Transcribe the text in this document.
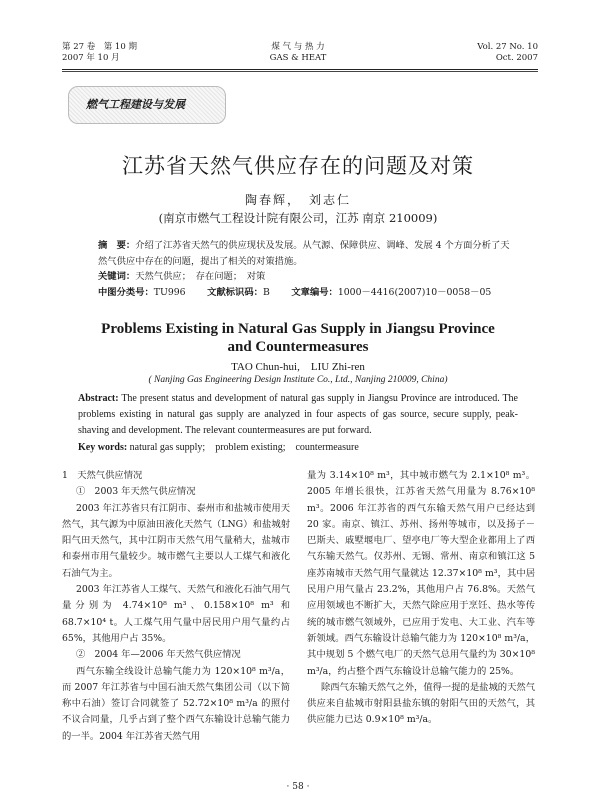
第 27 卷　第 10 期
2007 年 10 月
煤 气 与 热 力
GAS & HEAT
Vol. 27 No. 10
Oct. 2007
燃气工程建设与发展
江苏省天然气供应存在的问题及对策
陶春辉，　刘志仁
(南京市燃气工程设计院有限公司，江苏 南京 210009)
摘　要：介绍了江苏省天然气的供应现状及发展。从气源、保障供应、调峰、发展 4 个方面分析了天然气供应中存在的问题，提出了相关的对策措施。
关键词：天然气供应；　存在问题；　对策
中图分类号：TU996 　　 文献标识码：B 　　 文章编号：1000－4416(2007)10－0058－05
Problems Existing in Natural Gas Supply in Jiangsu Province
and Countermeasures
TAO Chun-hui,　LIU Zhi-ren
( Nanjing Gas Engineering Design Institute Co., Ltd., Nanjing 210009, China)
Abstract: The present status and development of natural gas supply in Jiangsu Province are introduced. The problems existing in natural gas supply are analyzed in four aspects of gas source, secure supply, peak-shaving and development. The relevant countermeasures are put forward.
Key words: natural gas supply;　problem existing;　countermeasure

1　天然气供应情况

①　2003 年天然气供应情况

2003 年江苏省只有江阴市、泰州市和盐城市使用天然气，其气源为中原油田液化天然气（LNG）和盐城射阳气田天然气，其中江阴市天然气用气量稍大，盐城市和泰州市用气量较少。城市燃气主要以人工煤气和液化石油气为主。

2003 年江苏省人工煤气、天然气和液化石油气用气量分别为 4.74×10⁸ m³、0.158×10⁸ m³ 和 68.7×10⁴ t。人工煤气用气量中居民用户用气量约占 65%，其他用户占 35%。

②　2004 年—2006 年天然气供应情况

西气东输全线设计总输气能力为 120×10⁸ m³/a，而 2007 年江苏省与中国石油天然气集团公司（以下简称中石油）签订合同就签了 52.72×10⁸ m³/a 的照付不议合同量，几乎占到了整个西气东输设计总输气能力的一半。2004 年江苏省天然气用

量为 3.14×10⁸ m³，其中城市燃气为 2.1×10⁸ m³。2005 年增长很快，江苏省天然气用量为 8.76×10⁸ m³。2006 年江苏省的西气东输天然气用户已经达到 20 家。南京、镇江、苏州、扬州等城市，以及扬子－巴斯夫、戚墅堰电厂、望亭电厂等大型企业都用上了西气东输天然气。仅苏州、无锡、常州、南京和镇江这 5 座苏南城市天然气用气量就达 12.37×10⁸ m³，其中居民用户用气量占 23.2%，其他用户占 76.8%。天然气应用领域也不断扩大，天然气除应用于烹饪、热水等传统的城市燃气领域外，已应用于发电、大工业、汽车等新领域。西气东输设计总输气能力为 120×10⁸ m³/a，其中规划 5 个燃气电厂的天然气总用气量约为 30×10⁸ m³/a，约占整个西气东输设计总输气能力的 25%。

除西气东输天然气之外，值得一提的是盐城的天然气供应来自盐城市射阳县盐东镇的射阳气田的天然气，其供应能力已达 0.9×10⁸ m³/a。

· 58 ·
